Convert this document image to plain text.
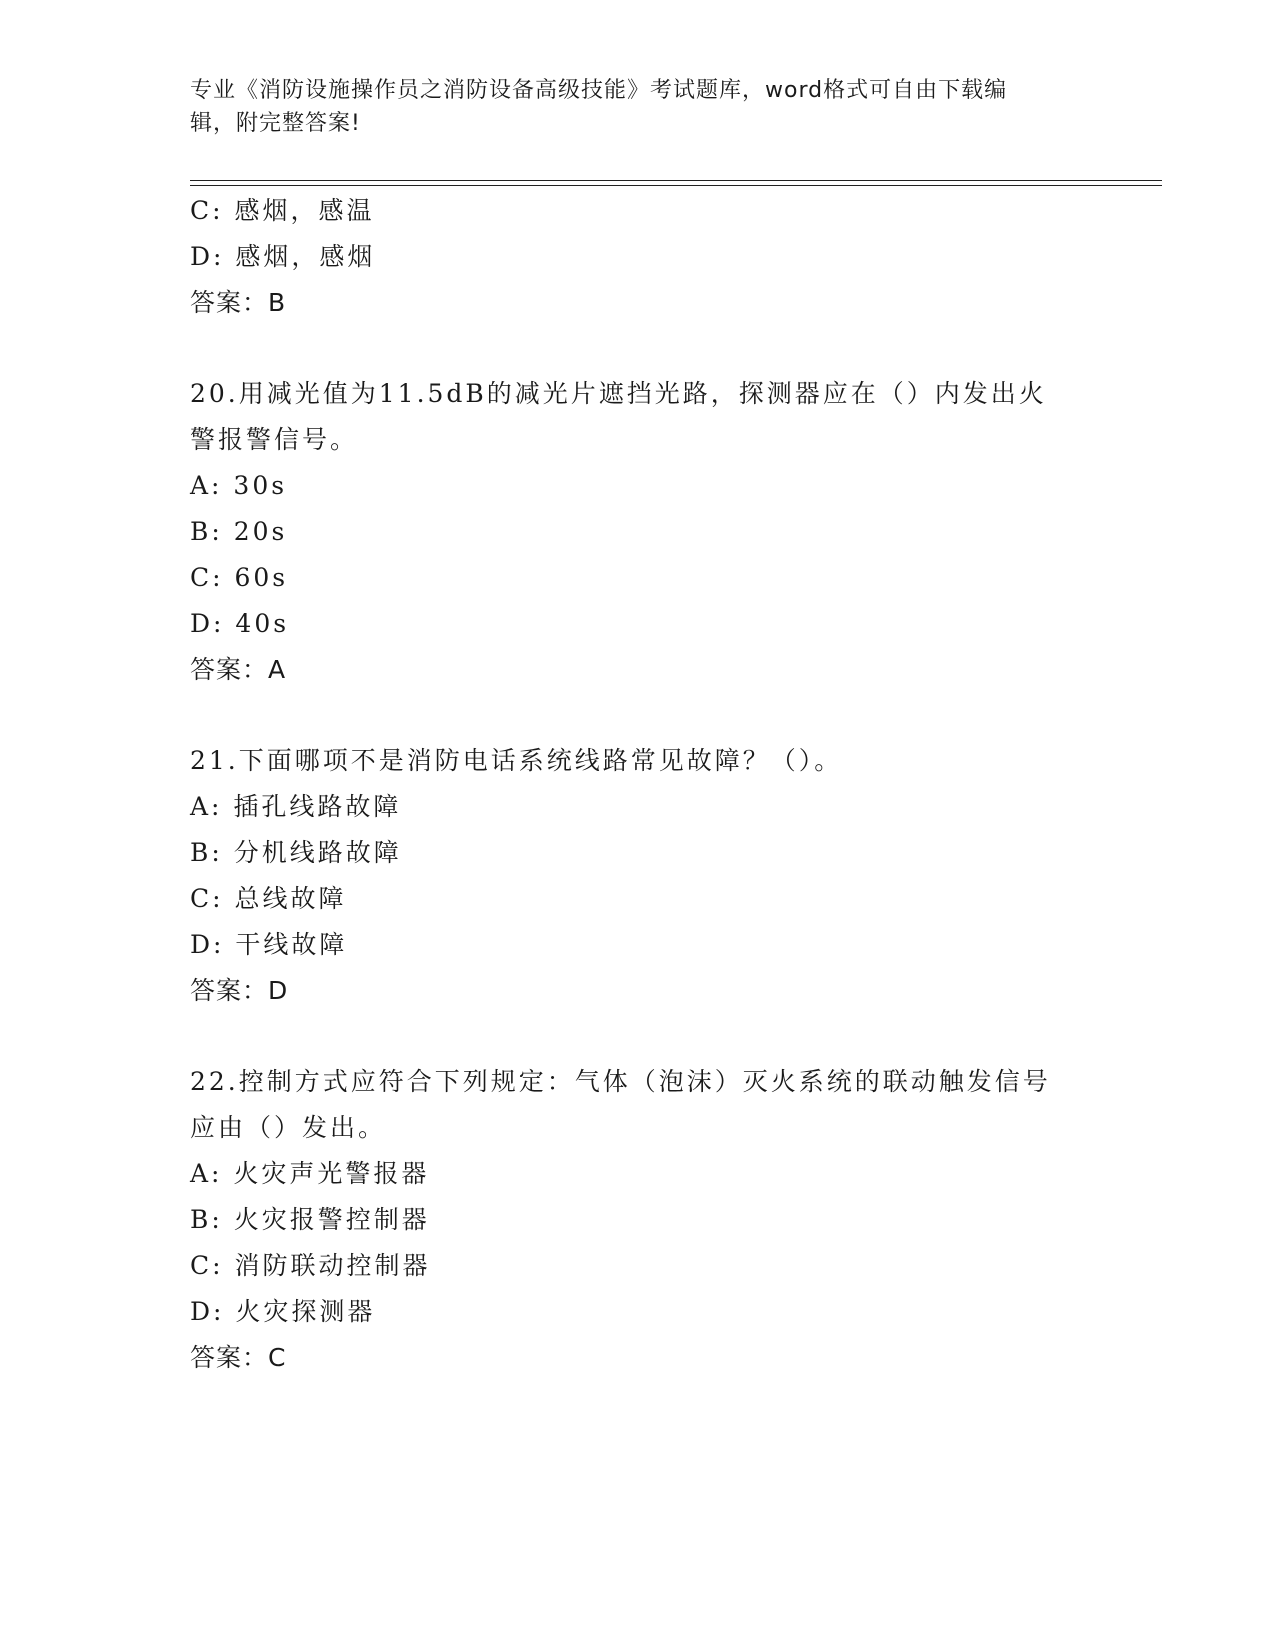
专业《消防设施操作员之消防设备高级技能》考试题库，word格式可自由下载编
辑，附完整答案!
C: 感烟，感温
D: 感烟，感烟
答案：B
20.用减光值为11.5dB的减光片遮挡光路，探测器应在（）内发出火
警报警信号。
A: 30s
B: 20s
C: 60s
D: 40s
答案：A
21.下面哪项不是消防电话系统线路常见故障？（）。
A: 插孔线路故障
B: 分机线路故障
C: 总线故障
D: 干线故障
答案：D
22.控制方式应符合下列规定：气体（泡沫）灭火系统的联动触发信号
应由（）发出。
A: 火灾声光警报器
B: 火灾报警控制器
C: 消防联动控制器
D: 火灾探测器
答案：C
